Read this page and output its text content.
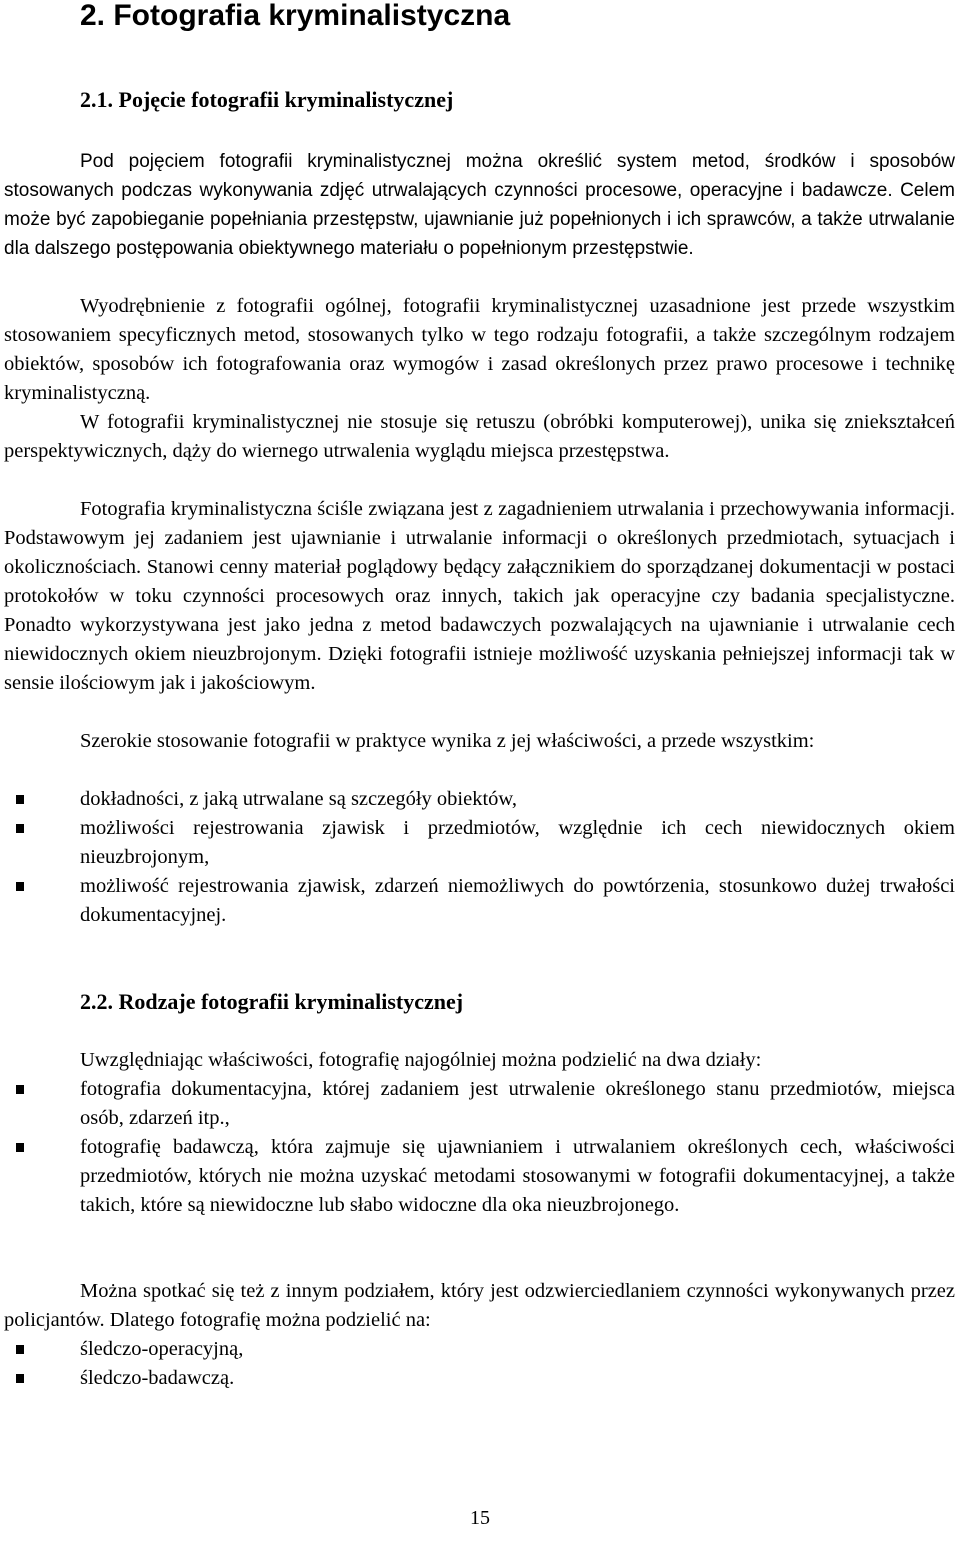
2. Fotografia kryminalistyczna
2.1. Pojęcie fotografii kryminalistycznej

Pod pojęciem fotografii kryminalistycznej można określić system metod, środków i sposobów stosowanych podczas wykonywania zdjęć utrwalających czynności procesowe, operacyjne i badawcze. Celem może być zapobieganie popełniania przestępstw, ujawnianie już popełnionych i ich sprawców, a także utrwalanie dla dalszego postępowania obiektywnego materiału o popełnionym przestępstwie.

Wyodrębnienie z fotografii ogólnej, fotografii kryminalistycznej uzasadnione jest przede wszystkim stosowaniem specyficznych metod, stosowanych tylko w tego rodzaju fotografii, a także szczególnym rodzajem obiektów, sposobów ich fotografowania oraz wymogów i zasad określonych przez prawo procesowe i technikę kryminalistyczną.

W fotografii kryminalistycznej nie stosuje się retuszu (obróbki komputerowej), unika się zniekształceń perspektywicznych, dąży do wiernego utrwalenia wyglądu miejsca przestępstwa.

Fotografia kryminalistyczna ściśle związana jest z zagadnieniem utrwalania i przechowywania informacji. Podstawowym jej zadaniem jest ujawnianie i utrwalanie informacji o określonych przedmiotach, sytuacjach i okolicznościach. Stanowi cenny materiał poglądowy będący załącznikiem do sporządzanej dokumentacji w postaci protokołów w toku czynności procesowych oraz innych, takich jak operacyjne czy badania specjalistyczne. Ponadto wykorzystywana jest jako jedna z metod badawczych pozwalających na ujawnianie i utrwalanie cech niewidocznych okiem nieuzbrojonym. Dzięki fotografii istnieje możliwość uzyskania pełniejszej informacji tak w sensie ilościowym jak i jakościowym.

Szerokie stosowanie fotografii w praktyce wynika z jej właściwości, a przede wszystkim:

dokładności, z jaką utrwalane są szczegóły obiektów,
możliwości rejestrowania zjawisk i przedmiotów, względnie ich cech niewidocznych okiem nieuzbrojonym,
możliwość rejestrowania zjawisk, zdarzeń niemożliwych do powtórzenia, stosunkowo dużej trwałości dokumentacyjnej.
2.2. Rodzaje fotografii kryminalistycznej

Uwzględniając właściwości, fotografię najogólniej można podzielić na dwa działy:

fotografia dokumentacyjna, której zadaniem jest utrwalenie określonego stanu przedmiotów, miejsca osób, zdarzeń itp.,
fotografię badawczą, która zajmuje się ujawnianiem i utrwalaniem określonych cech, właściwości przedmiotów, których nie można uzyskać metodami stosowanymi w fotografii dokumentacyjnej, a także takich, które są niewidoczne lub słabo widoczne dla oka nieuzbrojonego.

Można spotkać się też z innym podziałem, który jest odzwierciedlaniem czynności wykonywanych przez policjantów. Dlatego fotografię można podzielić na:

śledczo-operacyjną,
śledczo-badawczą.

15
